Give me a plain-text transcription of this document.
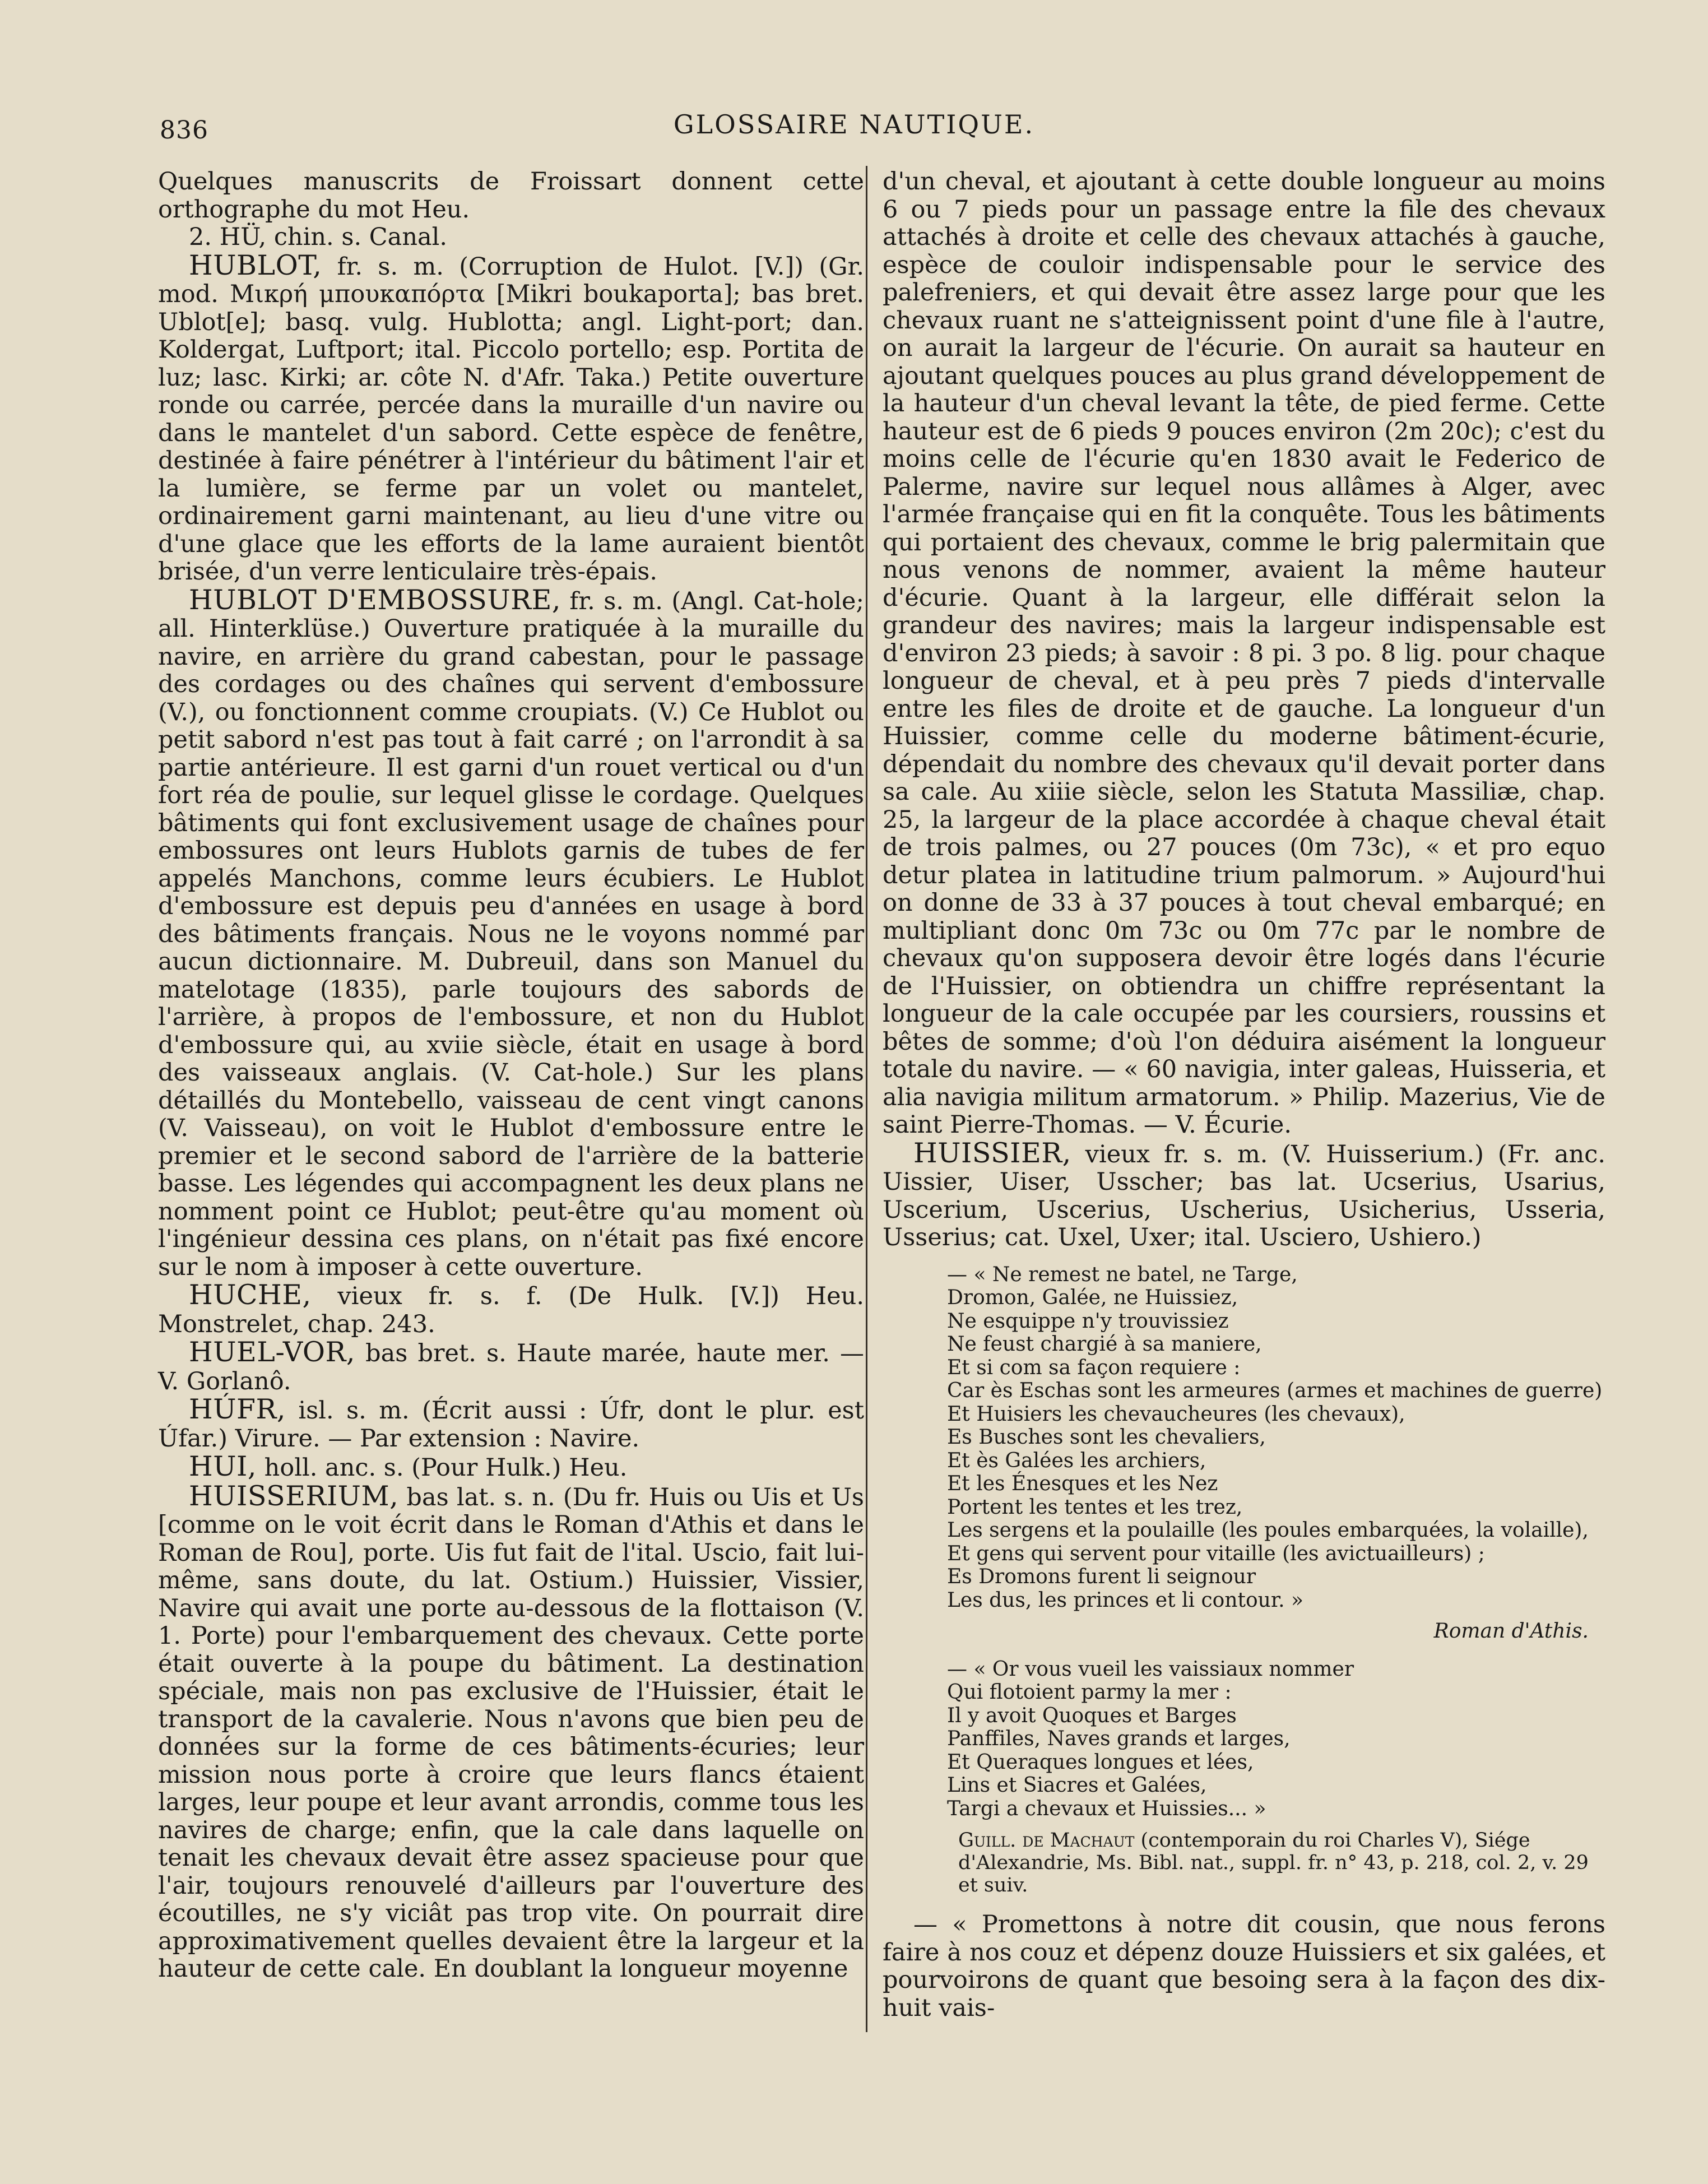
836	GLOSSAIRE NAUTIQUE.

Quelques manuscrits de Froissart donnent cette orthographe du mot Heu.

2. HÜ, chin. s. Canal.

HUBLOT, fr. s. m. (Corruption de Hulot. [V.]) (Gr. mod. Μικρή μπουκαπόρτα [Mikri boukaporta]; bas bret. Ublot[e]; basq. vulg. Hublotta; angl. Light-port; dan. Koldergat, Luftport; ital. Piccolo portello; esp. Portita de luz; lasc. Kirki; ar. côte N. d'Afr. Taka.) Petite ouverture ronde ou carrée, percée dans la muraille d'un navire ou dans le mantelet d'un sabord. Cette espèce de fenêtre, destinée à faire pénétrer à l'intérieur du bâtiment l'air et la lumière, se ferme par un volet ou mantelet, ordinairement garni maintenant, au lieu d'une vitre ou d'une glace que les efforts de la lame auraient bientôt brisée, d'un verre lenticulaire très-épais.

HUBLOT D'EMBOSSURE, fr. s. m. (Angl. Cat-hole; all. Hinterklüse.) Ouverture pratiquée à la muraille du navire, en arrière du grand cabestan, pour le passage des cordages ou des chaînes qui servent d'embossure (V.), ou fonctionnent comme croupiats. (V.) Ce Hublot ou petit sabord n'est pas tout à fait carré ; on l'arrondit à sa partie antérieure. Il est garni d'un rouet vertical ou d'un fort réa de poulie, sur lequel glisse le cordage. Quelques bâtiments qui font exclusivement usage de chaînes pour embossures ont leurs Hublots garnis de tubes de fer appelés Manchons, comme leurs écubiers. Le Hublot d'embossure est depuis peu d'années en usage à bord des bâtiments français. Nous ne le voyons nommé par aucun dictionnaire. M. Dubreuil, dans son Manuel du matelotage (1835), parle toujours des sabords de l'arrière, à propos de l'embossure, et non du Hublot d'embossure qui, au xviie siècle, était en usage à bord des vaisseaux anglais. (V. Cat-hole.) Sur les plans détaillés du Montebello, vaisseau de cent vingt canons (V. Vaisseau), on voit le Hublot d'embossure entre le premier et le second sabord de l'arrière de la batterie basse. Les légendes qui accompagnent les deux plans ne nomment point ce Hublot; peut-être qu'au moment où l'ingénieur dessina ces plans, on n'était pas fixé encore sur le nom à imposer à cette ouverture.

HUCHE, vieux fr. s. f. (De Hulk. [V.]) Heu. Monstrelet, chap. 243.

HUEL-VOR, bas bret. s. Haute marée, haute mer. — V. Gorlanô.

HÚFR, isl. s. m. (Écrit aussi : Úfr, dont le plur. est Úfar.) Virure. — Par extension : Navire.

HUI, holl. anc. s. (Pour Hulk.) Heu.

HUISSERIUM, bas lat. s. n. (Du fr. Huis ou Uis et Us [comme on le voit écrit dans le Roman d'Athis et dans le Roman de Rou], porte. Uis fut fait de l'ital. Uscio, fait lui-même, sans doute, du lat. Ostium.) Huissier, Vissier, Navire qui avait une porte au-dessous de la flottaison (V. 1. Porte) pour l'embarquement des chevaux. Cette porte était ouverte à la poupe du bâtiment. La destination spéciale, mais non pas exclusive de l'Huissier, était le transport de la cavalerie. Nous n'avons que bien peu de données sur la forme de ces bâtiments-écuries; leur mission nous porte à croire que leurs flancs étaient larges, leur poupe et leur avant arrondis, comme tous les navires de charge; enfin, que la cale dans laquelle on tenait les chevaux devait être assez spacieuse pour que l'air, toujours renouvelé d'ailleurs par l'ouverture des écoutilles, ne s'y viciât pas trop vite. On pourrait dire approximativement quelles devaient être la largeur et la hauteur de cette cale. En doublant la longueur moyenne

d'un cheval, et ajoutant à cette double longueur au moins 6 ou 7 pieds pour un passage entre la file des chevaux attachés à droite et celle des chevaux attachés à gauche, espèce de couloir indispensable pour le service des palefreniers, et qui devait être assez large pour que les chevaux ruant ne s'atteignissent point d'une file à l'autre, on aurait la largeur de l'écurie. On aurait sa hauteur en ajoutant quelques pouces au plus grand développement de la hauteur d'un cheval levant la tête, de pied ferme. Cette hauteur est de 6 pieds 9 pouces environ (2m 20c); c'est du moins celle de l'écurie qu'en 1830 avait le Federico de Palerme, navire sur lequel nous allâmes à Alger, avec l'armée française qui en fit la conquête. Tous les bâtiments qui portaient des chevaux, comme le brig palermitain que nous venons de nommer, avaient la même hauteur d'écurie. Quant à la largeur, elle différait selon la grandeur des navires; mais la largeur indispensable est d'environ 23 pieds; à savoir : 8 pi. 3 po. 8 lig. pour chaque longueur de cheval, et à peu près 7 pieds d'intervalle entre les files de droite et de gauche. La longueur d'un Huissier, comme celle du moderne bâtiment-écurie, dépendait du nombre des chevaux qu'il devait porter dans sa cale. Au xiiie siècle, selon les Statuta Massiliæ, chap. 25, la largeur de la place accordée à chaque cheval était de trois palmes, ou 27 pouces (0m 73c), « et pro equo detur platea in latitudine trium palmorum. » Aujourd'hui on donne de 33 à 37 pouces à tout cheval embarqué; en multipliant donc 0m 73c ou 0m 77c par le nombre de chevaux qu'on supposera devoir être logés dans l'écurie de l'Huissier, on obtiendra un chiffre représentant la longueur de la cale occupée par les coursiers, roussins et bêtes de somme; d'où l'on déduira aisément la longueur totale du navire. — « 60 navigia, inter galeas, Huisseria, et alia navigia militum armatorum. » Philip. Mazerius, Vie de saint Pierre-Thomas. — V. Écurie.

HUISSIER, vieux fr. s. m. (V. Huisserium.) (Fr. anc. Uissier, Uiser, Usscher; bas lat. Ucserius, Usarius, Uscerium, Uscerius, Uscherius, Usicherius, Usseria, Usserius; cat. Uxel, Uxer; ital. Usciero, Ushiero.)

— « Ne remest ne batel, ne Targe,
Dromon, Galée, ne Huissiez,
Ne esquippe n'y trouvissiez
Ne feust chargié à sa maniere,
Et si com sa façon requiere :
Car ès Eschas sont les armeures (armes et machines de guerre)
Et Huisiers les chevaucheures (les chevaux),
Es Busches sont les chevaliers,
Et ès Galées les archiers,
Et les Énesques et les Nez
Portent les tentes et les trez,
Les sergens et la poulaille (les poules embarquées, la volaille),
Et gens qui servent pour vitaille (les avictuailleurs) ;
Es Dromons furent li seignour
Les dus, les princes et li contour. »
Roman d'Athis.
— « Or vous vueil les vaissiaux nommer
Qui flotoient parmy la mer :
Il y avoit Quoques et Barges
Panffiles, Naves grands et larges,
Et Queraques longues et lées,
Lins et Siacres et Galées,
Targi a chevaux et Huissies... »
Guill. de Machaut (contemporain du roi Charles V), Siége d'Alexandrie, Ms. Bibl. nat., suppl. fr. n° 43, p. 218, col. 2, v. 29 et suiv.

— « Promettons à notre dit cousin, que nous ferons faire à nos couz et dépenz douze Huissiers et six galées, et pourvoirons de quant que besoing sera à la façon des dix-huit vais-
